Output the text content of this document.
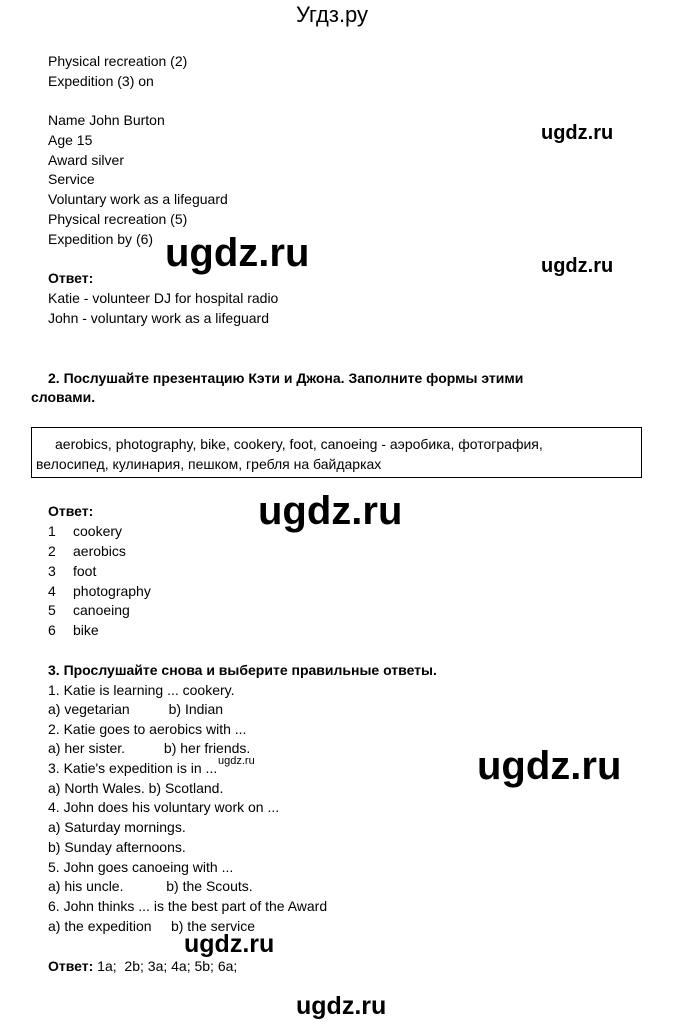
Угдз.ру
Physical recreation (2)
Expedition (3) on
Name John Burton
Age 15
Award silver
Service
Voluntary work as a lifeguard
Physical recreation (5)
Expedition by (6)
Ответ:
Katie - volunteer DJ for hospital radio
John - voluntary work as a lifeguard
2. Послушайте презентацию Кэти и Джона. Заполните формы этими
словами.
aerobics, photography, bike, cookery, foot, canoeing - аэробика, фотография,
велосипед, кулинария, пешком, гребля на байдарках
Ответ:
1	cookery
2	aerobics
3	foot
4	photography
5	canoeing
6	bike
3. Прослушайте снова и выберите правильные ответы.
1. Katie is learning ... cookery.
a) vegetarian          b) Indian
2. Katie goes to aerobics with ...
a) her sister.          b) her friends.
3. Katie's expedition is in ...
a) North Wales. b) Scotland.
4. John does his voluntary work on ...
a) Saturday mornings.
b) Sunday afternoons.
5. John goes canoeing with ...
a) his uncle.           b) the Scouts.
6. John thinks ... is the best part of the Award
a) the expedition     b) the service
Ответ: 1а;  2b; 3а; 4а; 5b; 6а;
ugdz.ru
ugdz.ru	ugdz.ru
ugdz.ru
ugdz.ru	ugdz.ru
ugdz.ru
ugdz.ru
